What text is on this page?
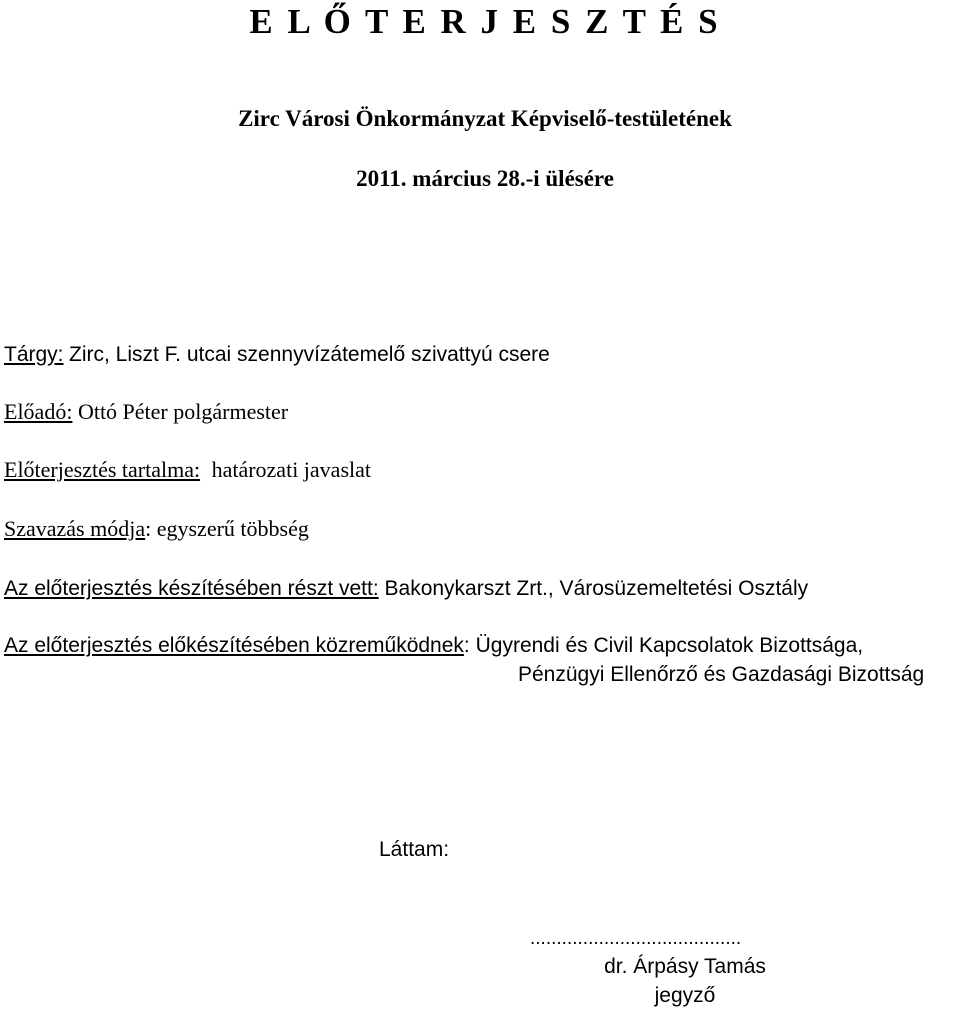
E L Ő T E R J E S Z T É S
Zirc Városi Önkormányzat Képviselő-testületének
2011. március 28.-i ülésére
Tárgy: Zirc, Liszt F. utcai szennyvízátemelő szivattyú csere
Előadó: Ottó Péter polgármester
Előterjesztés tartalma: határozati javaslat
Szavazás módja: egyszerű többség
Az előterjesztés készítésében részt vett: Bakonykarszt Zrt., Városüzemeltetési Osztály
Az előterjesztés előkészítésében közreműködnek: Ügyrendi és Civil Kapcsolatok Bizottsága,
Pénzügyi Ellenőrző és Gazdasági Bizottság
Láttam:
........................................
dr. Árpásy Tamás
jegyző
